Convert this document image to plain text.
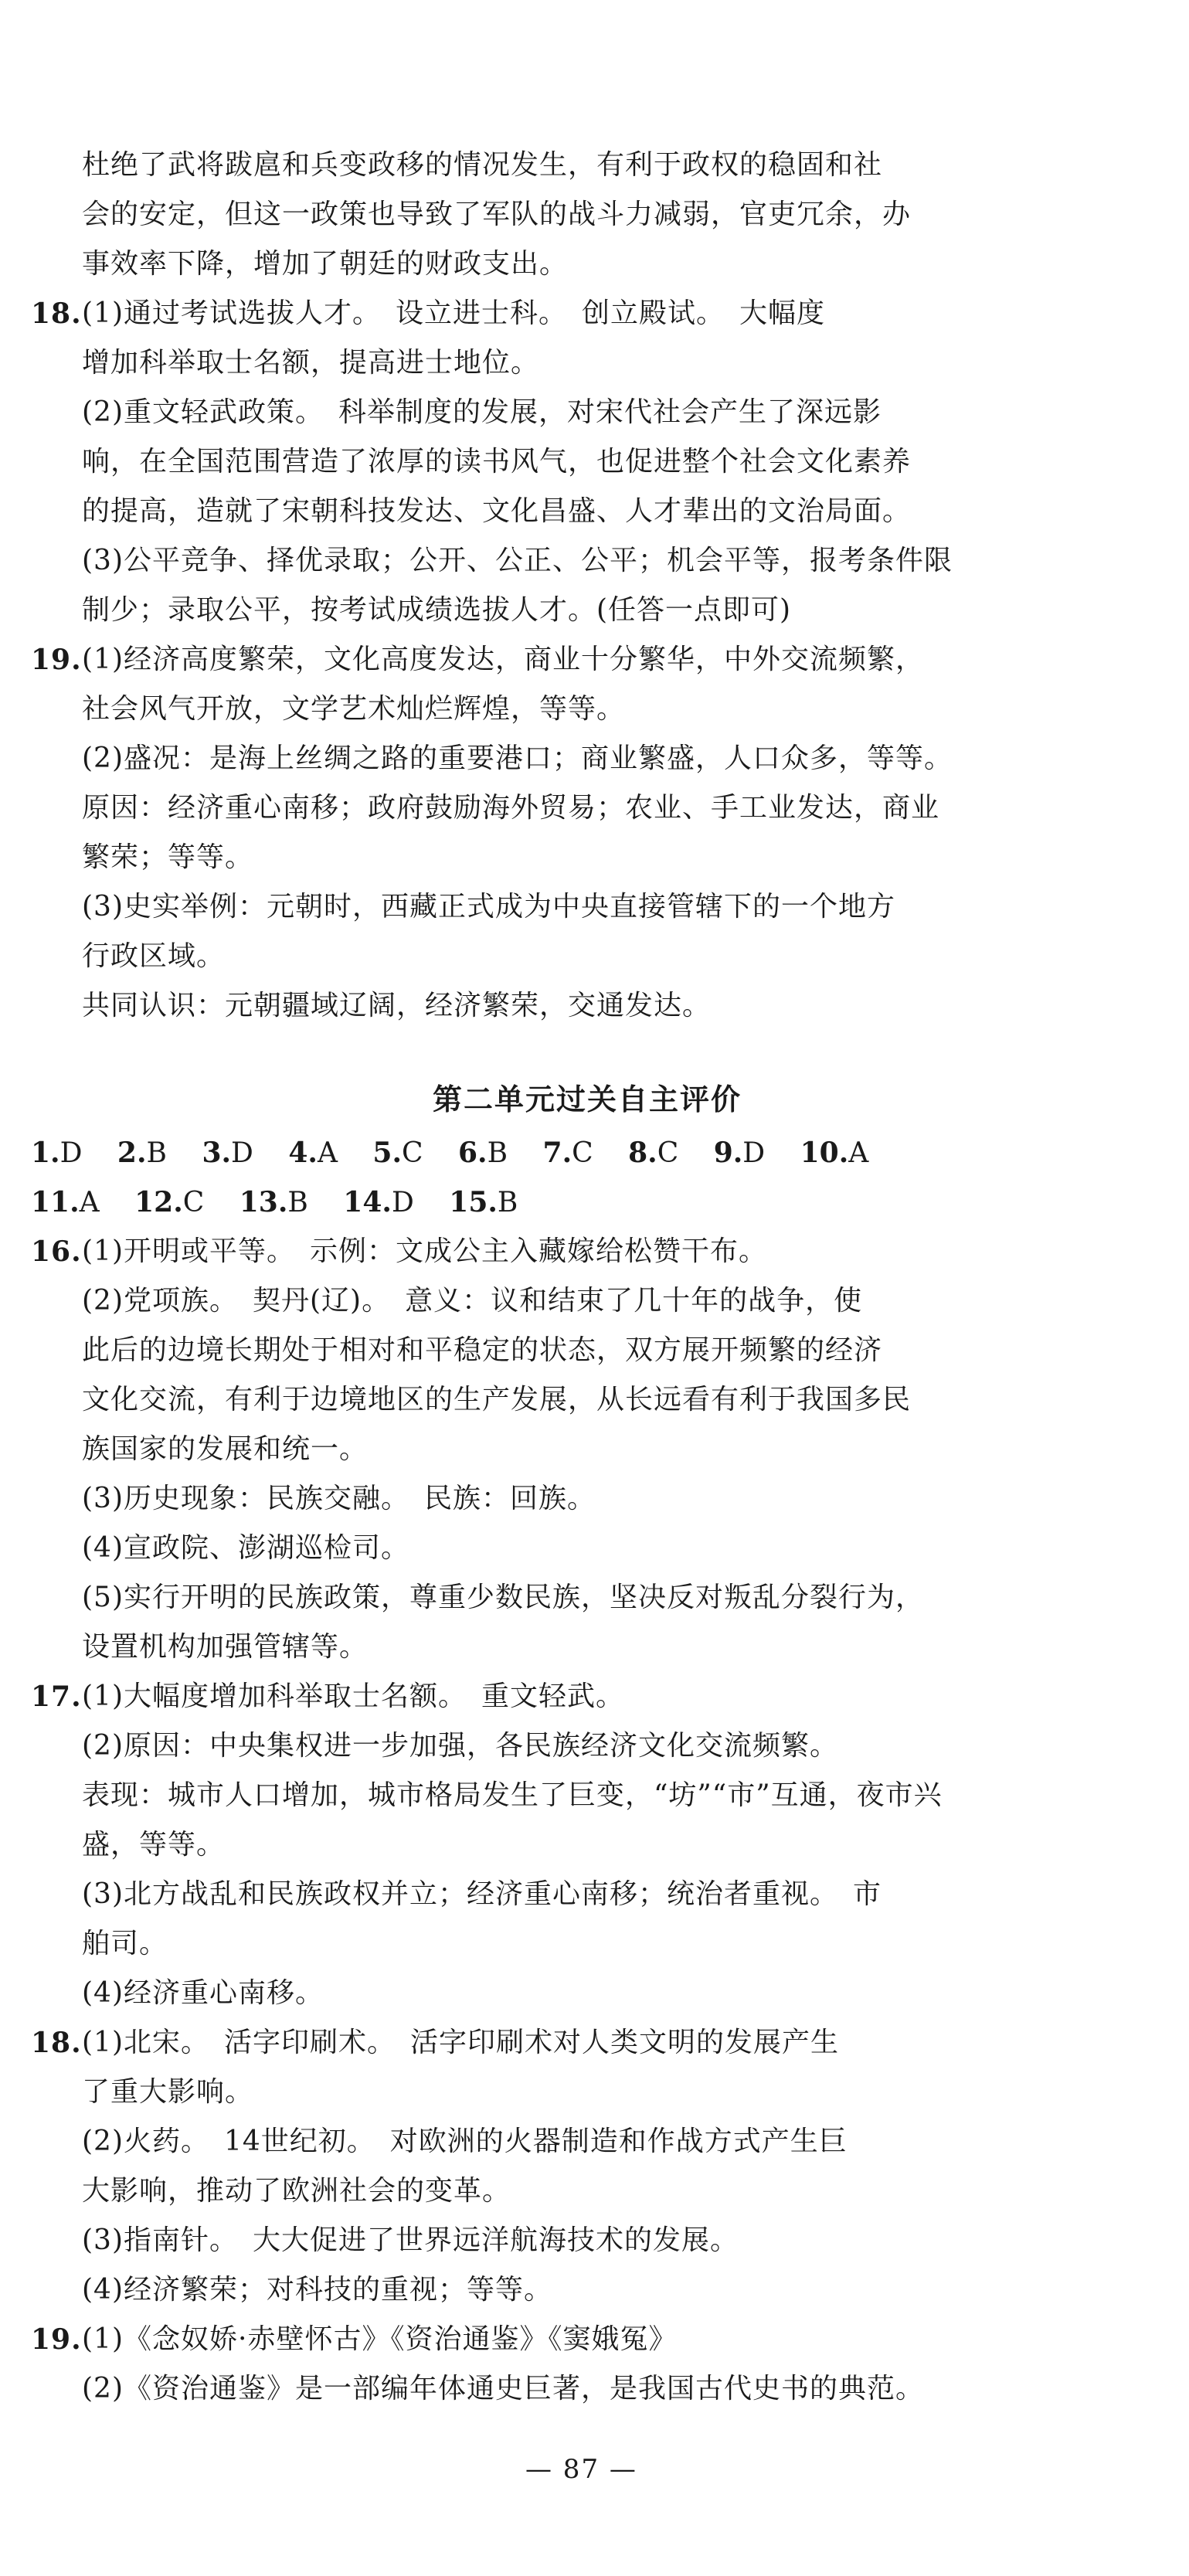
杜绝了武将跋扈和兵变政移的情况发生，有利于政权的稳固和社
会的安定，但这一政策也导致了军队的战斗力减弱，官吏冗余，办
事效率下降，增加了朝廷的财政支出。
18. (1)通过考试选拔人才。　设立进士科。　创立殿试。　大幅度
增加科举取士名额，提高进士地位。
(2)重文轻武政策。　科举制度的发展，对宋代社会产生了深远影
响，在全国范围营造了浓厚的读书风气，也促进整个社会文化素养
的提高，造就了宋朝科技发达、文化昌盛、人才辈出的文治局面。
(3)公平竞争、择优录取；公开、公正、公平；机会平等，报考条件限
制少；录取公平，按考试成绩选拔人才。(任答一点即可)
19. (1)经济高度繁荣，文化高度发达，商业十分繁华，中外交流频繁，
社会风气开放，文学艺术灿烂辉煌，等等。
(2)盛况：是海上丝绸之路的重要港口；商业繁盛，人口众多，等等。
原因：经济重心南移；政府鼓励海外贸易；农业、手工业发达，商业
繁荣；等等。
(3)史实举例：元朝时，西藏正式成为中央直接管辖下的一个地方
行政区域。
共同认识：元朝疆域辽阔，经济繁荣，交通发达。
第二单元过关自主评价
1.D 2.B 3.D 4.A 5.C 6.B 7.C 8.C 9.D 10.A
11.A 12.C 13.B 14.D 15.B
16. (1)开明或平等。　示例：文成公主入藏嫁给松赞干布。
(2)党项族。　契丹(辽)。　意义：议和结束了几十年的战争，使
此后的边境长期处于相对和平稳定的状态，双方展开频繁的经济
文化交流，有利于边境地区的生产发展，从长远看有利于我国多民
族国家的发展和统一。
(3)历史现象：民族交融。　民族：回族。
(4)宣政院、澎湖巡检司。
(5)实行开明的民族政策，尊重少数民族，坚决反对叛乱分裂行为，
设置机构加强管辖等。
17. (1)大幅度增加科举取士名额。　重文轻武。
(2)原因：中央集权进一步加强，各民族经济文化交流频繁。
表现：城市人口增加，城市格局发生了巨变，“坊”“市”互通，夜市兴
盛，等等。
(3)北方战乱和民族政权并立；经济重心南移；统治者重视。　市
舶司。
(4)经济重心南移。
18. (1)北宋。　活字印刷术。　活字印刷术对人类文明的发展产生
了重大影响。
(2)火药。　14世纪初。　对欧洲的火器制造和作战方式产生巨
大影响，推动了欧洲社会的变革。
(3)指南针。　大大促进了世界远洋航海技术的发展。
(4)经济繁荣；对科技的重视；等等。
19. (1)《念奴娇·赤壁怀古》《资治通鉴》《窦娥冤》
(2)《资治通鉴》是一部编年体通史巨著，是我国古代史书的典范。
— 87 —
